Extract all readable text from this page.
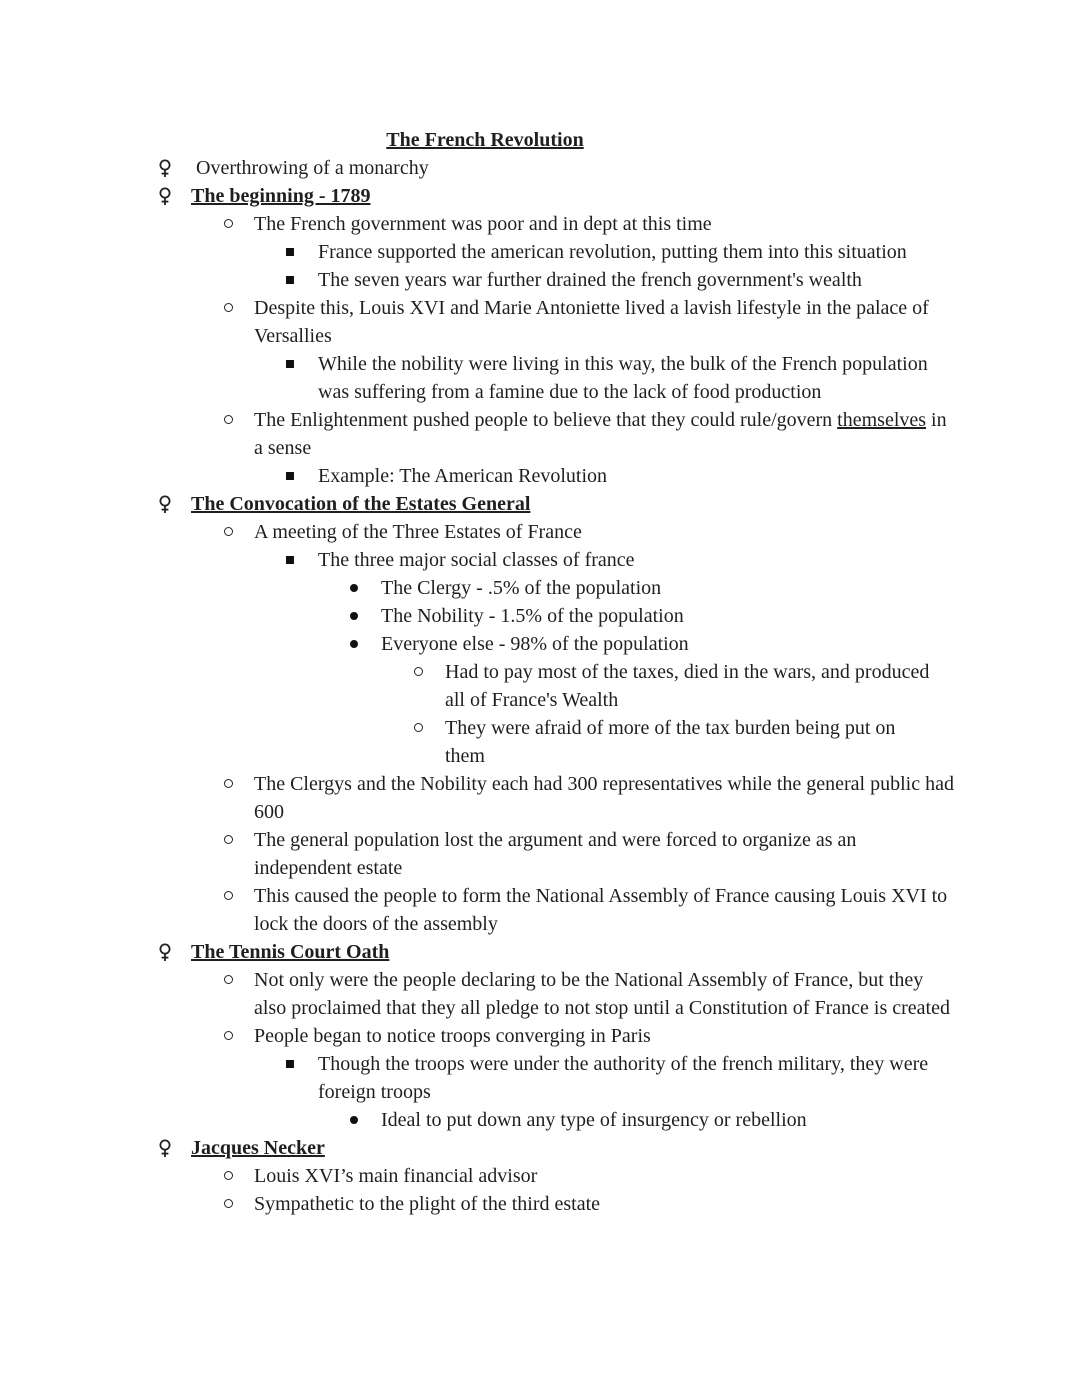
The French Revolution
Overthrowing of a monarchy
The beginning - 1789
The French government was poor and in dept at this time
France supported the american revolution, putting them into this situation
The seven years war further drained the french government's wealth
Despite this, Louis XVI and Marie Antoniette lived a lavish lifestyle in the palace of Versallies
While the nobility were living in this way, the bulk of the French population was suffering from a famine due to the lack of food production
The Enlightenment pushed people to believe that they could rule/govern themselves in a sense
Example: The American Revolution
The Convocation of the Estates General
A meeting of the Three Estates of France
The three major social classes of france
The Clergy - .5% of the population
The Nobility - 1.5% of the population
Everyone else - 98% of the population
Had to pay most of the taxes, died in the wars, and produced all of France's Wealth
They were afraid of more of the tax burden being put on them
The Clergys and the Nobility each had 300 representatives while the general public had 600
The general population lost the argument and were forced to organize as an independent estate
This caused the people to form the National Assembly of France causing Louis XVI to lock the doors of the assembly
The Tennis Court Oath
Not only were the people declaring to be the National Assembly of France, but they also proclaimed that they all pledge to not stop until a Constitution of France is created
People began to notice troops converging in Paris
Though the troops were under the authority of the french military, they were foreign troops
Ideal to put down any type of insurgency or rebellion
Jacques Necker
Louis XVI’s main financial advisor
Sympathetic to the plight of the third estate
